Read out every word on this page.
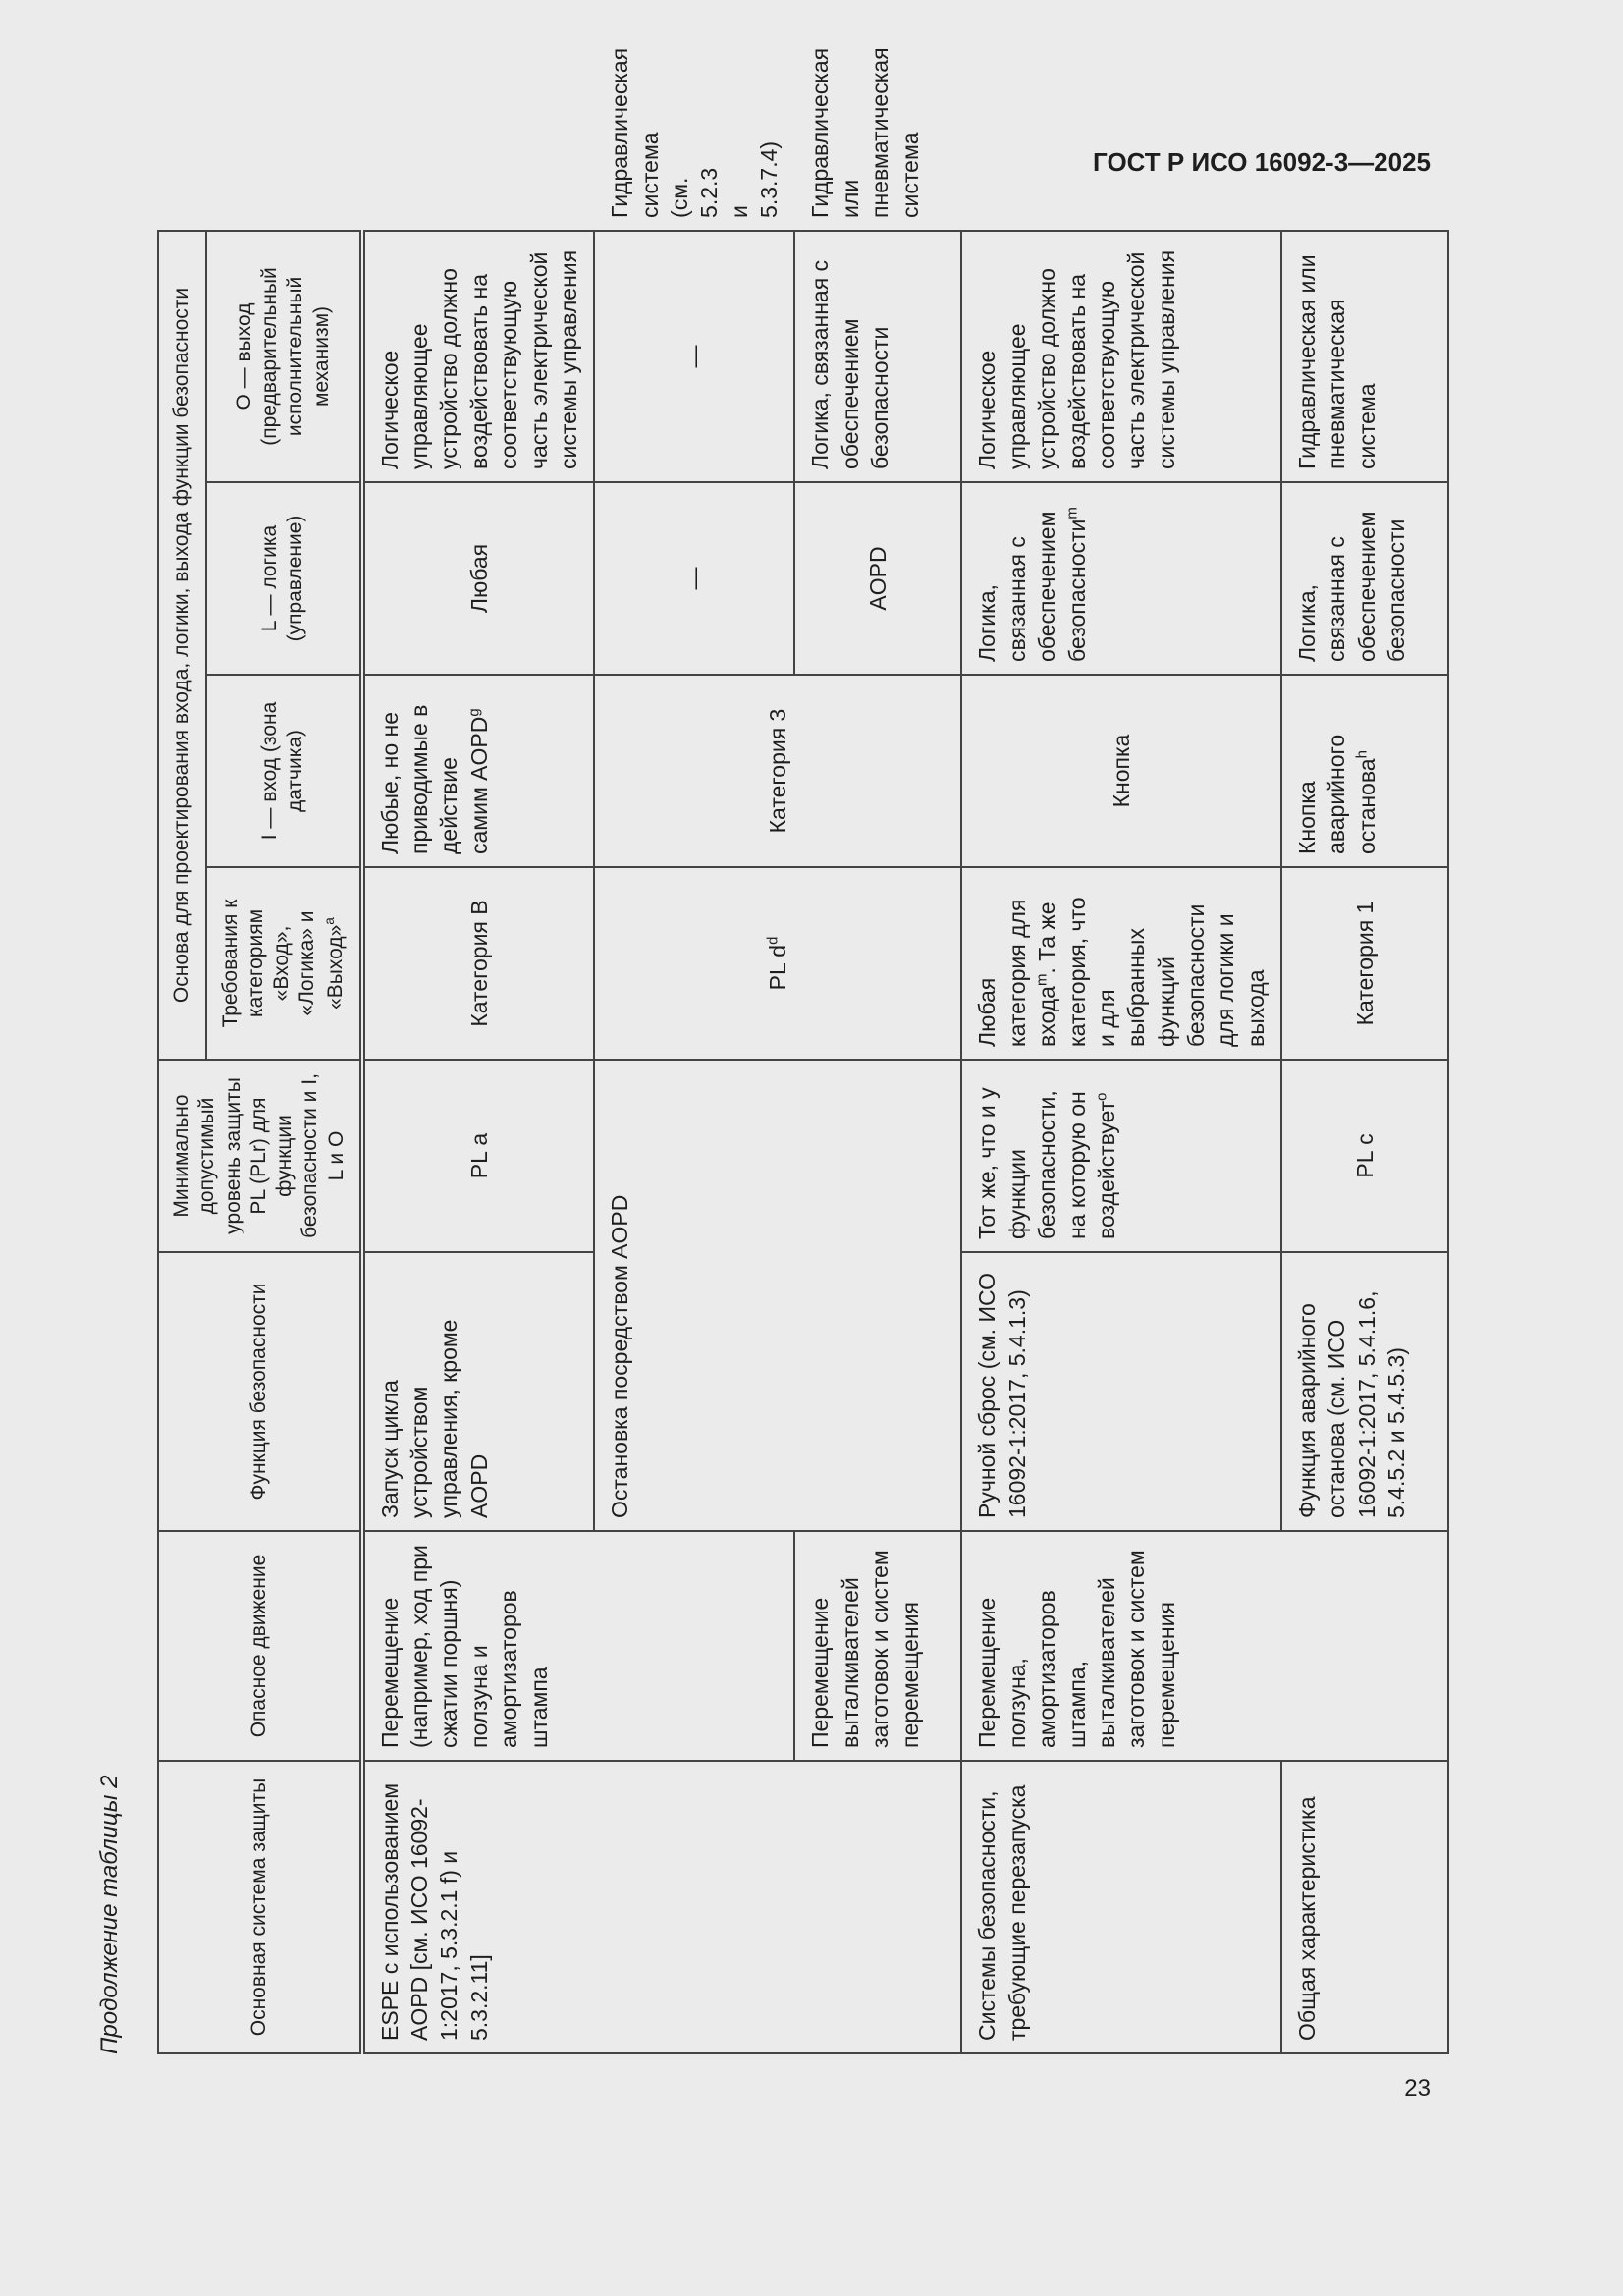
ГОСТ Р ИСО 16092-3—2025
Продолжение таблицы 2	Основная система защиты	Опасное движение	Функция безопасности	Минимально допустимый уровень защиты PL (PLr) для функции безопасности и I, L и O	Основа для проектирования входа, логики, выхода функции безопасности				
				Требования к категориям «Вход», «Логика» и «Выход»$^a$	I — вход (зона датчика)	L — логика (управление)	O — выход (предварительный исполнительный механизм)	
ESPE с использованием AOPD [см. ИСО 16092-1:2017, 5.3.2.1 f) и 5.3.2.11]	Перемещение (например, ход при сжатии поршня) ползуна и амортизаторов штампа	Запуск цикла устройством управления, кроме AOPD	PL a	Категория B	Любые, но не приводимые в действие самим AOPD$^g$	Любая	Логическое управляющее устройство должно воздействовать на соответствующую часть электрической системы управления	
		Остановка посредством AOPD		PL $d^d$	Категория 3	—	—	Гидравлическая система (см. 5.2.3 и 5.3.7.4)
	Перемещение выталкивателей заготовок и систем перемещения					AOPD	Логика, связанная с обеспечением безопасности	Гидравлическая или пневматическая система
Системы безопасности, требующие перезапуска	Перемещение ползуна, амортизаторов штампа, выталкивателей заготовок и систем перемещения	Ручной сброс (см. ИСО 16092-1:2017, 5.4.1.3)	Тот же, что и у функции безопасности, на которую он воздействует$^o$	Любая категория для входа$^m$. Та же категория, что и для выбранных функций безопасности для логики и выхода	Кнопка	Логика, связанная с обеспечением безопасности$^m$	Логическое управляющее устройство должно воздействовать на соответствующую часть электрической системы управления	
Общая характеристика		Функция аварийного останова (см. ИСО 16092-1:2017, 5.4.1.6, 5.4.5.2 и 5.4.5.3)	PL c	Категория 1	Кнопка аварийного останова$^h$	Логика, связанная с обеспечением безопасности	Гидравлическая или пневматическая система	
23
